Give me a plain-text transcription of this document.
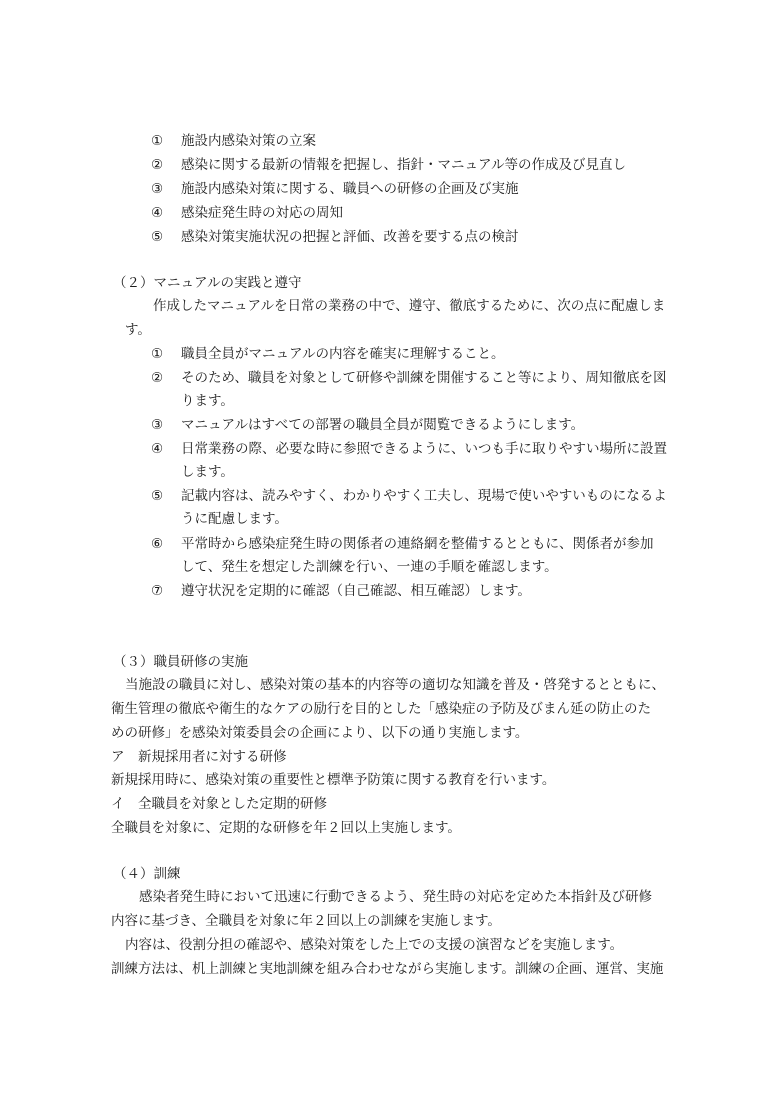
① 施設内感染対策の立案
② 感染に関する最新の情報を把握し、指針・マニュアル等の作成及び見直し
③ 施設内感染対策に関する、職員への研修の企画及び実施
④ 感染症発生時の対応の周知
⑤ 感染対策実施状況の把握と評価、改善を要する点の検討
（２）マニュアルの実践と遵守
作成したマニュアルを日常の業務の中で、遵守、徹底するために、次の点に配慮しま
す。
① 職員全員がマニュアルの内容を確実に理解すること。
② そのため、職員を対象として研修や訓練を開催すること等により、周知徹底を図
ります。
③ マニュアルはすべての部署の職員全員が閲覧できるようにします。
④ 日常業務の際、必要な時に参照できるように、いつも手に取りやすい場所に設置
します。
⑤ 記載内容は、読みやすく、わかりやすく工夫し、現場で使いやすいものになるよ
うに配慮します。
⑥ 平常時から感染症発生時の関係者の連絡網を整備するとともに、関係者が参加
して、発生を想定した訓練を行い、一連の手順を確認します。
⑦ 遵守状況を定期的に確認（自己確認、相互確認）します。
（３）職員研修の実施
当施設の職員に対し、感染対策の基本的内容等の適切な知識を普及・啓発するとともに、
衛生管理の徹底や衛生的なケアの励行を目的とした「感染症の予防及びまん延の防止のた
めの研修」を感染対策委員会の企画により、以下の通り実施します。
ア　新規採用者に対する研修
新規採用時に、感染対策の重要性と標準予防策に関する教育を行います。
イ　全職員を対象とした定期的研修
全職員を対象に、定期的な研修を年２回以上実施します。
（４）訓練
感染者発生時において迅速に行動できるよう、発生時の対応を定めた本指針及び研修
内容に基づき、全職員を対象に年２回以上の訓練を実施します。
内容は、役割分担の確認や、感染対策をした上での支援の演習などを実施します。
訓練方法は、机上訓練と実地訓練を組み合わせながら実施します。訓練の企画、運営、実施
